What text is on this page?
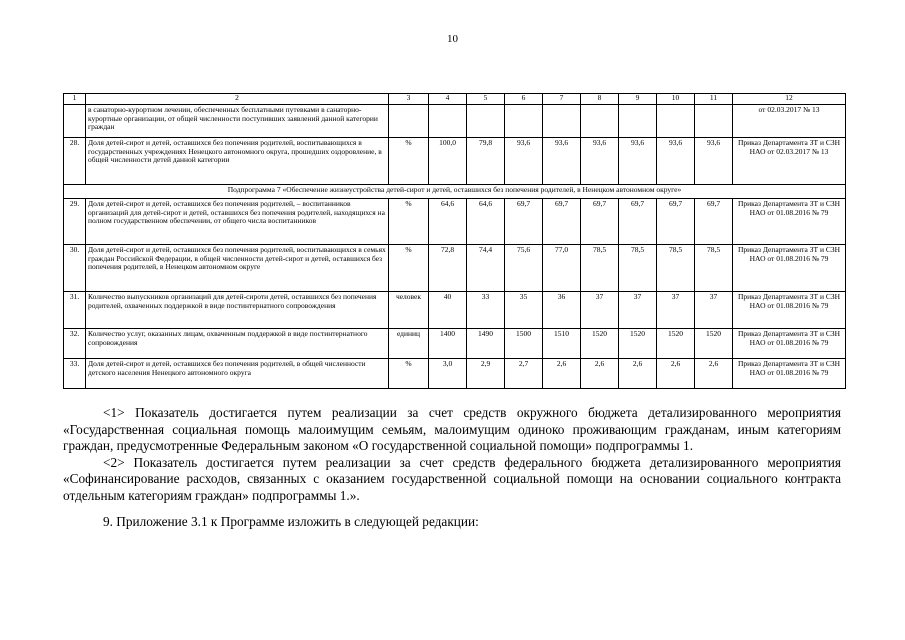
10
1	2	3	4	5	6	7	8	9	10	11	12
	в санаторно-курортном лечении, обеспеченных бесплатными путевками в санаторно-курортные организации, от общей численности поступивших заявлений данной категории граждан										от 02.03.2017 № 13
28.	Доля детей-сирот и детей, оставшихся без попечения родителей, воспитывающихся в государственных учреждениях Ненецкого автономного округа, прошедших оздоровление, в общей численности детей данной категории	%	100,0	79,8	93,6	93,6	93,6	93,6	93,6	93,6	Приказ Департамента ЗТ и СЗН НАО от 02.03.2017 № 13
Подпрограмма 7 «Обеспечение жизнеустройства детей-сирот и детей, оставшихся без попечения родителей, в Ненецком автономном округе»											
29.	Доля детей-сирот и детей, оставшихся без попечения родителей, – воспитанников организаций для детей-сирот и детей, оставшихся без попечения родителей, находящихся на полном государственном обеспечении, от общего числа воспитанников	%	64,6	64,6	69,7	69,7	69,7	69,7	69,7	69,7	Приказ Департамента ЗТ и СЗН НАО от 01.08.2016 № 79
30.	Доля детей-сирот и детей, оставшихся без попечения родителей, воспитывающихся в семьях граждан Российской Федерации, в общей численности детей-сирот и детей, оставшихся без попечения родителей, в Ненецком автономном округе	%	72,8	74,4	75,6	77,0	78,5	78,5	78,5	78,5	Приказ Департамента ЗТ и СЗН НАО от 01.08.2016 № 79
31.	Количество выпускников организаций для детей-сироти детей, оставшихся без попечения родителей, охваченных поддержкой в виде постинтернатного сопровождения	человек	40	33	35	36	37	37	37	37	Приказ Департамента ЗТ и СЗН НАО от 01.08.2016 № 79
32.	Количество услуг, оказанных лицам, охваченным поддержкой в виде постинтернатного сопровождения	единиц	1400	1490	1500	1510	1520	1520	1520	1520	Приказ Департамента ЗТ и СЗН НАО от 01.08.2016 № 79
33.	Доля детей-сирот и детей, оставшихся без попечения родителей, в общей численности детского населения Ненецкого автономного округа	%	3,0	2,9	2,7	2,6	2,6	2,6	2,6	2,6	Приказ Департамента ЗТ и СЗН НАО от 01.08.2016 № 79

<1> Показатель достигается путем реализации за счет средств окружного бюджета детализированного мероприятия «Государственная социальная помощь малоимущим семьям, малоимущим одиноко проживающим гражданам, иным категориям граждан, предусмотренные Федеральным законом «О государственной социальной помощи» подпрограммы 1.

<2> Показатель достигается путем реализации за счет средств федерального бюджета детализированного мероприятия «Софинансирование расходов, связанных с оказанием государственной социальной помощи на основании социального контракта отдельным категориям граждан» подпрограммы 1.».

9. Приложение 3.1 к Программе изложить в следующей редакции:
